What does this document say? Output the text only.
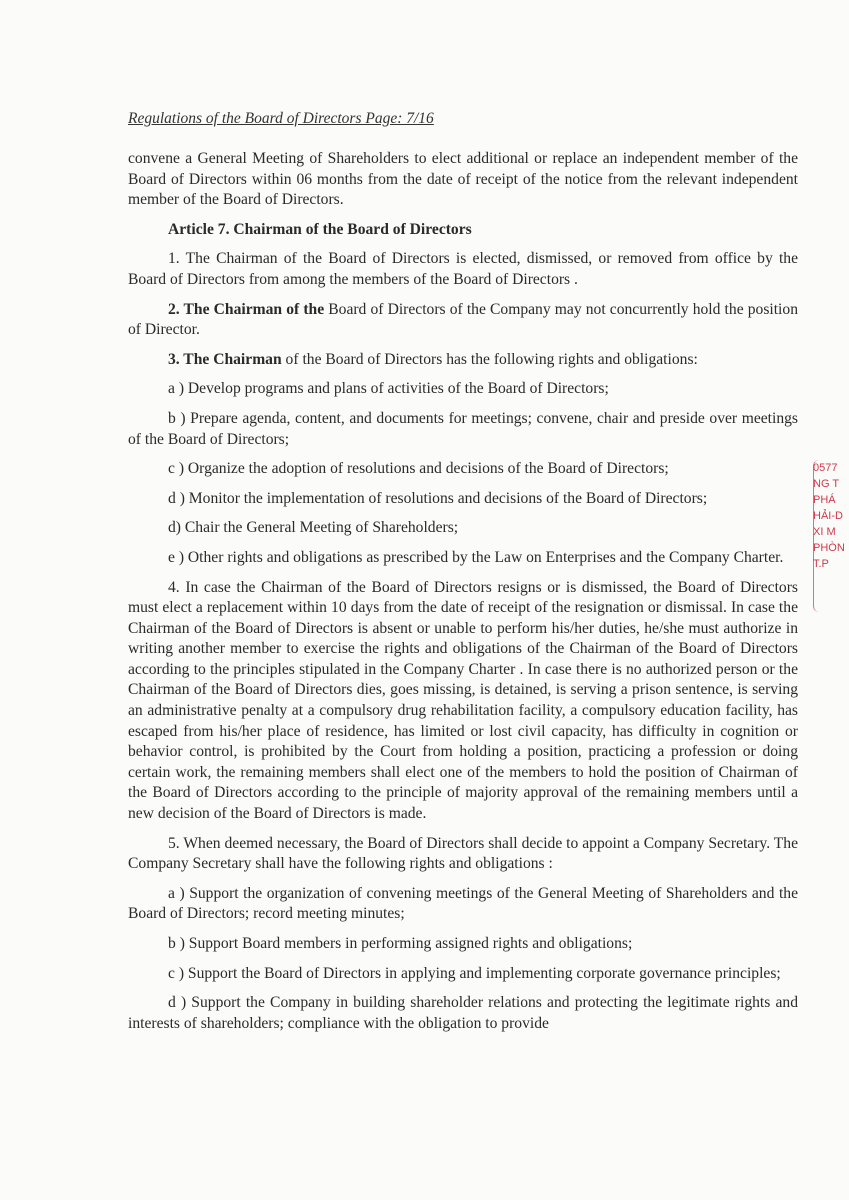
Regulations of the Board of Directors Page: 7/16

convene a General Meeting of Shareholders to elect additional or replace an independent member of the Board of Directors within 06 months from the date of receipt of the notice from the relevant independent member of the Board of Directors.

Article 7. Chairman of the Board of Directors

1. The Chairman of the Board of Directors is elected, dismissed, or removed from office by the Board of Directors from among the members of the Board of Directors .

2. The Chairman of the Board of Directors of the Company may not concurrently hold the position of Director.

3. The Chairman of the Board of Directors has the following rights and obligations:

a ) Develop programs and plans of activities of the Board of Directors;

b ) Prepare agenda, content, and documents for meetings; convene, chair and preside over meetings of the Board of Directors;

c ) Organize the adoption of resolutions and decisions of the Board of Directors;

d ) Monitor the implementation of resolutions and decisions of the Board of Directors;

d) Chair the General Meeting of Shareholders;

e ) Other rights and obligations as prescribed by the Law on Enterprises and the Company Charter.

4. In case the Chairman of the Board of Directors resigns or is dismissed, the Board of Directors must elect a replacement within 10 days from the date of receipt of the resignation or dismissal. In case the Chairman of the Board of Directors is absent or unable to perform his/her duties, he/she must authorize in writing another member to exercise the rights and obligations of the Chairman of the Board of Directors according to the principles stipulated in the Company Charter . In case there is no authorized person or the Chairman of the Board of Directors dies, goes missing, is detained, is serving a prison sentence, is serving an administrative penalty at a compulsory drug rehabilitation facility, a compulsory education facility, has escaped from his/her place of residence, has limited or lost civil capacity, has difficulty in cognition or behavior control, is prohibited by the Court from holding a position, practicing a profession or doing certain work, the remaining members shall elect one of the members to hold the position of Chairman of the Board of Directors according to the principle of majority approval of the remaining members until a new decision of the Board of Directors is made.

5. When deemed necessary, the Board of Directors shall decide to appoint a Company Secretary. The Company Secretary shall have the following rights and obligations :

a ) Support the organization of convening meetings of the General Meeting of Shareholders and the Board of Directors; record meeting minutes;

b ) Support Board members in performing assigned rights and obligations;

c ) Support the Board of Directors in applying and implementing corporate governance principles;

d ) Support the Company in building shareholder relations and protecting the legitimate rights and interests of shareholders; compliance with the obligation to provide

0577
NG T
PHÁ
HẢI-D
XI M
PHÒN
T.P
